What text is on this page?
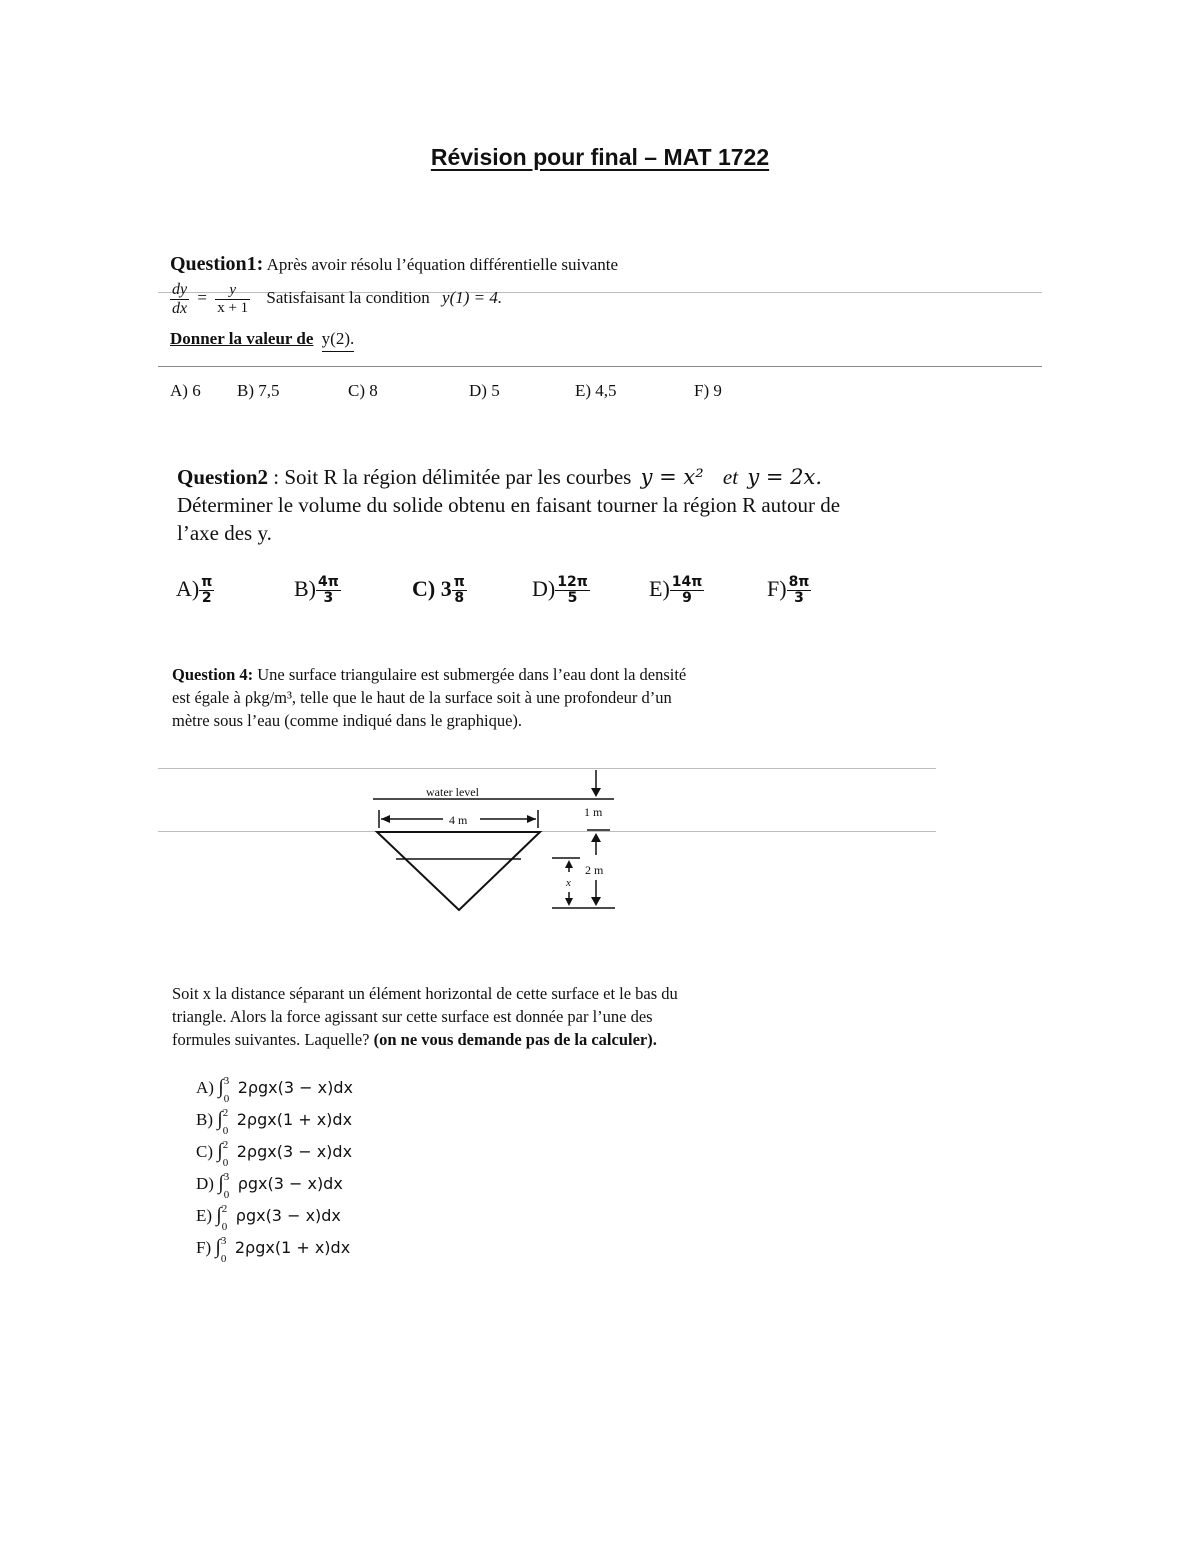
Révision pour final – MAT 1722
Question1: Après avoir résolu l’équation différentielle suivante
$\frac{dy}{dx} = \frac{y}{x + 1}$ Satisfaisant la condition y(1) = 4.
Donner la valeur de y(2).
A) 6 B) 7,5	C) 8	D) 5	E) 4,5	F) 9
Question2 : Soit R la région délimitée par les courbes y = x² et y = 2x.
Déterminer le volume du solide obtenu en faisant tourner la région R autour de
l’axe des y.
$A) \frac{\pi}{2}$	$B) \frac{4\pi}{3}$	C) $3 \frac{\pi}{8}$	$D) \frac{12\pi}{5}$	$E) \frac{14\pi}{9}$	$F) \frac{8\pi}{3}$
Question 4: Une surface triangulaire est submergée dans l’eau dont la densité
est égale à ρkg/m³, telle que le haut de la surface soit à une profondeur d’un
mètre sous l’eau (comme indiqué dans le graphique).
water level
4 m
1 m
2 m
x
Soit x la distance séparant un élément horizontal de cette surface et le bas du
triangle. Alors la force agissant sur cette surface est donnée par l’une des
formules suivantes. Laquelle? (on ne vous demande pas de la calculer).
A) ∫ 3
0
2ρgx(3 − x)dx
B) ∫ 2
0
2ρgx(1 + x)dx
C) ∫ 2
0
2ρgx(3 − x)dx
D) ∫ 3
0
ρgx(3 − x)dx
E) ∫ 2
0
ρgx(3 − x)dx
F) ∫ 3
0
2ρgx(1 + x)dx
